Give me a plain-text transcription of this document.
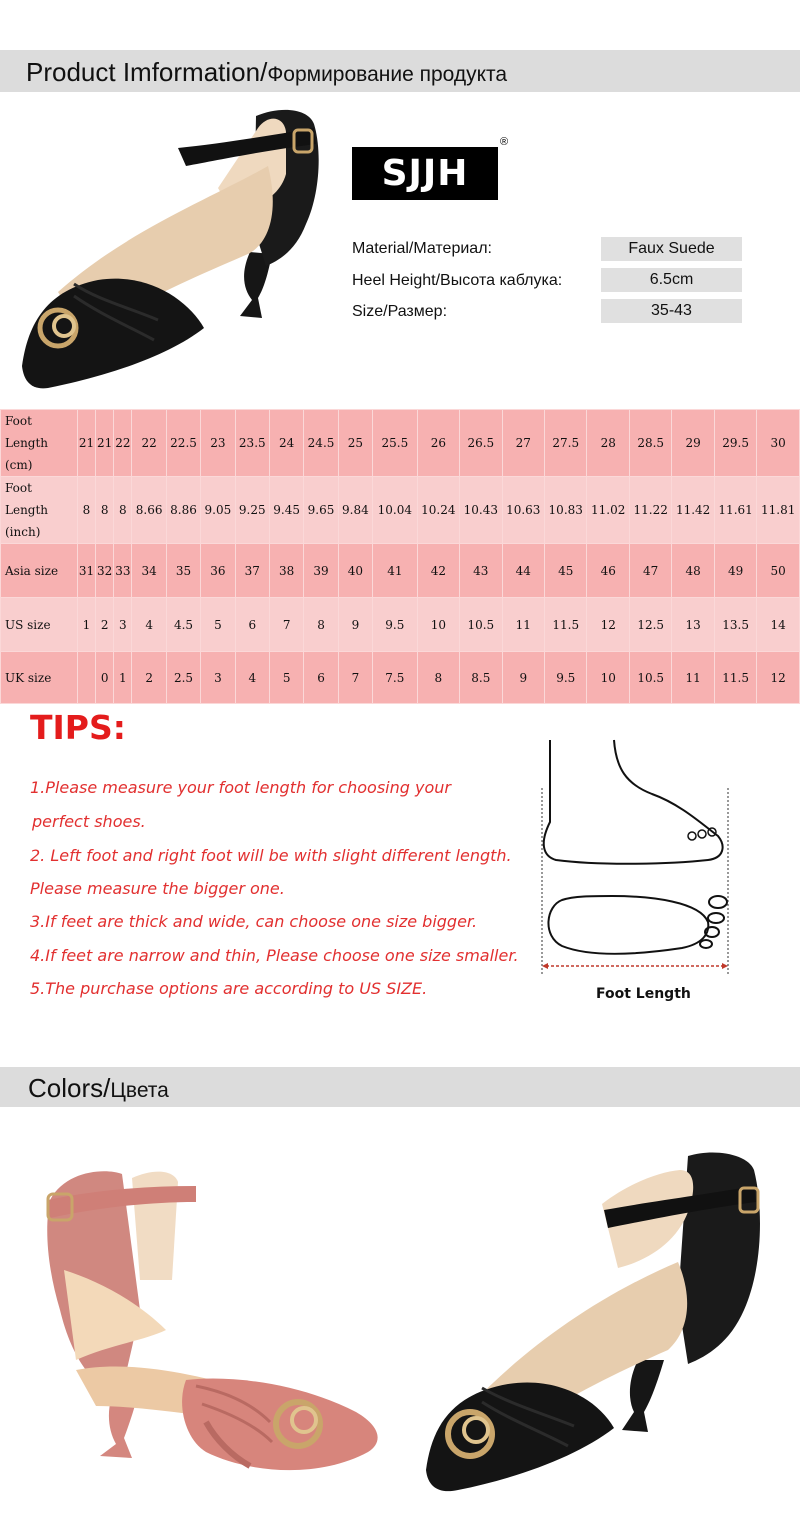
Product Imformation/Формирование продукта
SJJH
®
Material/Материал:	Faux Suede
Heel Height/Высота каблука:	6.5cm
Size/Размер:	35-43
Foot Length
(cm)	21	21	22	22	22.5	23	23.5	24	24.5	25	25.5	26	26.5	27	27.5	28	28.5	29	29.5	30

Foot Length
(inch)	8	8	8	8.66	8.86	9.05	9.25	9.45	9.65	9.84	10.04	10.24	10.43	10.63	10.83	11.02	11.22	11.42	11.61	11.81

Asia size	31	32	33	34	35	36	37	38	39	40	41	42	43	44	45	46	47	48	49	50

US size	1	2	3	4	4.5	5	6	7	8	9	9.5	10	10.5	11	11.5	12	12.5	13	13.5	14

UK size		0	1	2	2.5	3	4	5	6	7	7.5	8	8.5	9	9.5	10	10.5	11	11.5	12
TIPS:
1.Please measure your foot length for choosing your
perfect shoes.
2. Left foot and right foot will be with slight different length.
Please measure the bigger one.
3.If feet are thick and wide, can choose one size bigger.
4.If feet are narrow and thin, Please choose one size smaller.
5.The purchase options are according to US SIZE.	Foot Length
Colors/Цвета
